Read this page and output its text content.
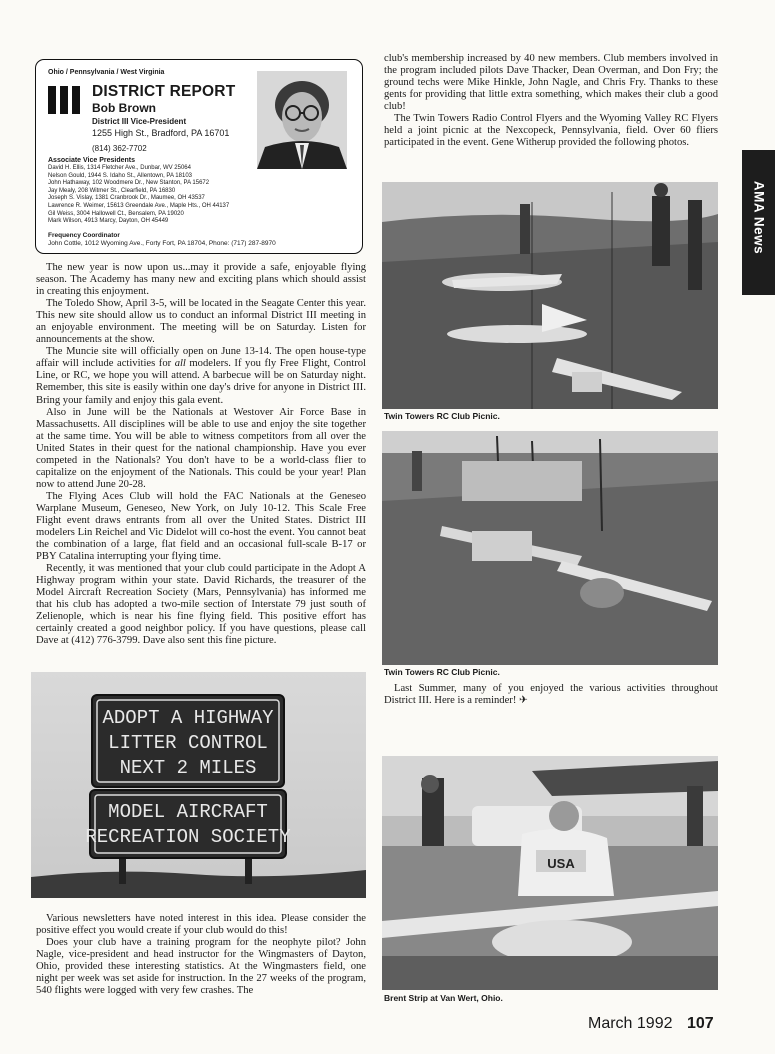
Ohio / Pennsylvania / West Virginia
DISTRICT REPORT
Bob Brown
District III Vice-President
1255 High St., Bradford, PA 16701
(814) 362-7702
Associate Vice Presidents
David H. Ellis, 1314 Fletcher Ave., Dunbar, WV 25064
Nelson Gould, 1944 S. Idaho St., Allentown, PA 18103
John Hathaway, 102 Woodmere Dr., New Stanton, PA 15672
Jay Mealy, 208 Witmer St., Clearfield, PA 16830
Joseph S. Vislay, 1381 Cranbrook Dr., Maumee, OH 43537
Lawrence R. Weimer, 15613 Greendale Ave., Maple Hts., OH 44137
Gil Weiss, 3004 Hallowell Ct., Bensalem, PA 19020
Mark Wilson, 4913 Marcy, Dayton, OH 45449
Frequency Coordinator
John Cottle, 1012 Wyoming Ave., Forty Fort, PA 18704, Phone: (717) 287-8970

The new year is now upon us...may it provide a safe, enjoyable flying season. The Academy has many new and exciting plans which should assist in creating this enjoyment.

The Toledo Show, April 3-5, will be located in the Seagate Center this year. This new site should allow us to conduct an informal District III meeting in an enjoyable environment. The meeting will be on Saturday. Listen for announcements at the show.

The Muncie site will officially open on June 13-14. The open house-type affair will include activities for all modelers. If you fly Free Flight, Control Line, or RC, we hope you will attend. A barbecue will be on Saturday night. Remember, this site is easily within one day's drive for anyone in District III. Bring your family and enjoy this gala event.

Also in June will be the Nationals at Westover Air Force Base in Massachusetts. All disciplines will be able to use and enjoy the site together at the same time. You will be able to witness competitors from all over the United States in their quest for the national championship. Have you ever competed in the Nationals? You don't have to be a world-class flier to capitalize on the enjoyment of the Nationals. This could be your year! Plan now to attend June 20-28.

The Flying Aces Club will hold the FAC Nationals at the Geneseo Warplane Museum, Geneseo, New York, on July 10-12. This Scale Free Flight event draws entrants from all over the United States. District III modelers Lin Reichel and Vic Didelot will co-host the event. You cannot beat the combination of a large, flat field and an occasional full-scale B-17 or PBY Catalina interrupting your flying time.

Recently, it was mentioned that your club could participate in the Adopt A Highway program within your state. David Richards, the treasurer of the Model Aircraft Recreation Society (Mars, Pennsylvania) has informed me that his club has adopted a two-mile section of Interstate 79 just south of Zelienople, which is near his fine flying field. This positive effort has certainly created a good neighbor policy. If you have questions, please call Dave at (412) 776-3799. Dave also sent this fine picture.

ADOPT A HIGHWAY
LITTER CONTROL
NEXT 2 MILES
MODEL AIRCRAFT
RECREATION SOCIETY

Various newsletters have noted interest in this idea. Please consider the positive effect you would create if your club would do this!

Does your club have a training program for the neophyte pilot? John Nagle, vice-president and head instructor for the Wingmasters of Dayton, Ohio, provided these interesting statistics. At the Wingmasters field, one night per week was set aside for instruction. In the 27 weeks of the program, 540 flights were logged with very few crashes. The

club's membership increased by 40 new members. Club members involved in the program included pilots Dave Thacker, Dean Overman, and Don Fry; the ground techs were Mike Hinkle, John Nagle, and Chris Fry. Thanks to these gents for providing that little extra something, which makes their club a good club!

The Twin Towers Radio Control Flyers and the Wyoming Valley RC Flyers held a joint picnic at the Nexcopeck, Pennsylvania, field. Over 60 fliers participated in the event. Gene Witherup provided the following photos.

Twin Towers RC Club Picnic.
Twin Towers RC Club Picnic.

Last Summer, many of you enjoyed the various activities throughout District III. Here is a reminder! ✈

USA
Brent Strip at Van Wert, Ohio.
AMA News
March 1992 107
